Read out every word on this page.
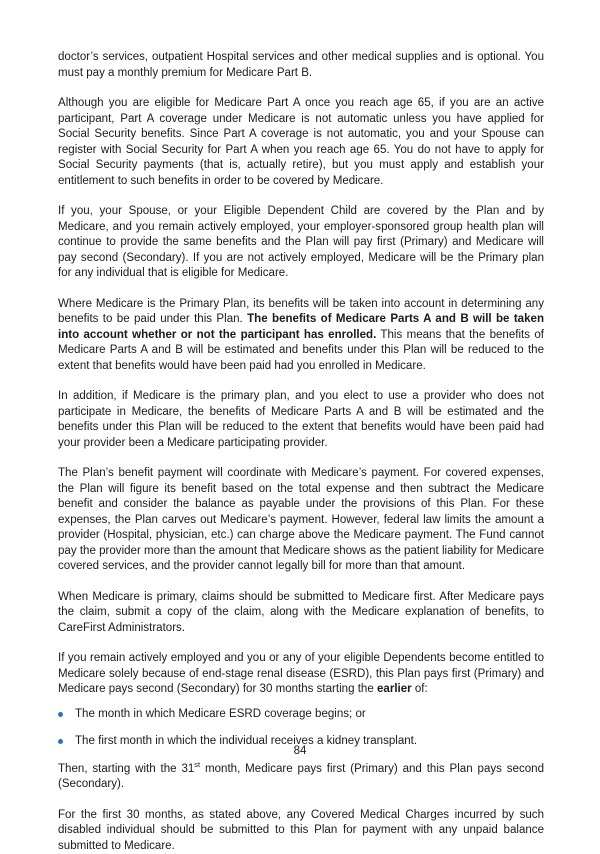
doctor’s services, outpatient Hospital services and other medical supplies and is optional. You must pay a monthly premium for Medicare Part B.

Although you are eligible for Medicare Part A once you reach age 65, if you are an active participant, Part A coverage under Medicare is not automatic unless you have applied for Social Security benefits. Since Part A coverage is not automatic, you and your Spouse can register with Social Security for Part A when you reach age 65. You do not have to apply for Social Security payments (that is, actually retire), but you must apply and establish your entitlement to such benefits in order to be covered by Medicare.

If you, your Spouse, or your Eligible Dependent Child are covered by the Plan and by Medicare, and you remain actively employed, your employer-sponsored group health plan will continue to provide the same benefits and the Plan will pay first (Primary) and Medicare will pay second (Secondary). If you are not actively employed, Medicare will be the Primary plan for any individual that is eligible for Medicare.

Where Medicare is the Primary Plan, its benefits will be taken into account in determining any benefits to be paid under this Plan. The benefits of Medicare Parts A and B will be taken into account whether or not the participant has enrolled. This means that the benefits of Medicare Parts A and B will be estimated and benefits under this Plan will be reduced to the extent that benefits would have been paid had you enrolled in Medicare.

In addition, if Medicare is the primary plan, and you elect to use a provider who does not participate in Medicare, the benefits of Medicare Parts A and B will be estimated and the benefits under this Plan will be reduced to the extent that benefits would have been paid had your provider been a Medicare participating provider.

The Plan’s benefit payment will coordinate with Medicare’s payment. For covered expenses, the Plan will figure its benefit based on the total expense and then subtract the Medicare benefit and consider the balance as payable under the provisions of this Plan. For these expenses, the Plan carves out Medicare’s payment. However, federal law limits the amount a provider (Hospital, physician, etc.) can charge above the Medicare payment. The Fund cannot pay the provider more than the amount that Medicare shows as the patient liability for Medicare covered services, and the provider cannot legally bill for more than that amount.

When Medicare is primary, claims should be submitted to Medicare first. After Medicare pays the claim, submit a copy of the claim, along with the Medicare explanation of benefits, to CareFirst Administrators.

If you remain actively employed and you or any of your eligible Dependents become entitled to Medicare solely because of end-stage renal disease (ESRD), this Plan pays first (Primary) and Medicare pays second (Secondary) for 30 months starting the earlier of:

The month in which Medicare ESRD coverage begins; or
The first month in which the individual receives a kidney transplant.

Then, starting with the 31st month, Medicare pays first (Primary) and this Plan pays second (Secondary).

For the first 30 months, as stated above, any Covered Medical Charges incurred by such disabled individual should be submitted to this Plan for payment with any unpaid balance submitted to Medicare.

84
